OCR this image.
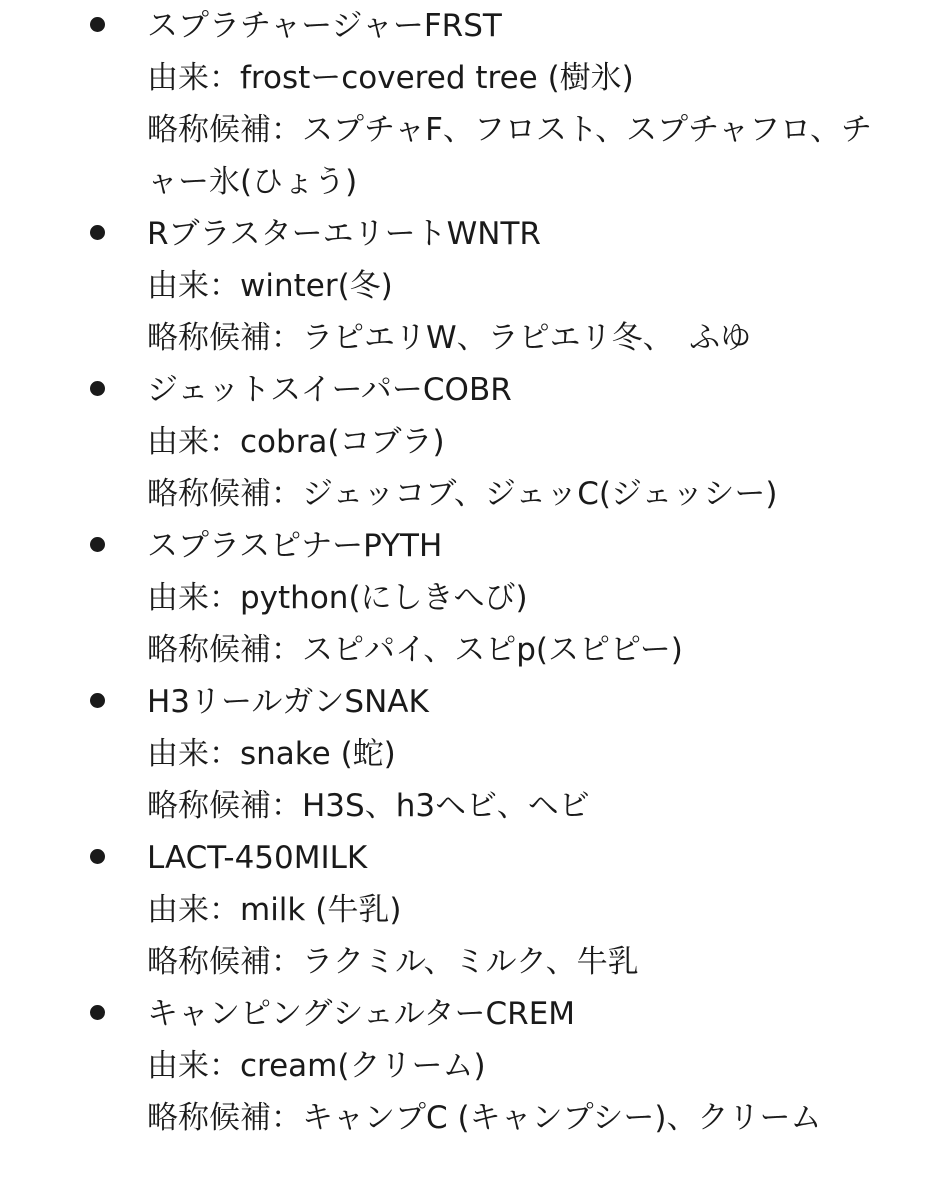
スプラチャージャーFRST
由来：frostーcovered tree (樹氷)
略称候補：スプチャF、フロスト、スプチャフロ、チャー氷(ひょう)
RブラスターエリートWNTR
由来：winter(冬)
略称候補：ラピエリW、ラピエリ冬、　ふゆ
ジェットスイーパーCOBR
由来：cobra(コブラ)
略称候補：ジェッコブ、ジェッC(ジェッシー)
スプラスピナーPYTH
由来：python(にしきへび)
略称候補：スピパイ、スピp(スピピー)
H3リールガンSNAK
由来：snake (蛇)
略称候補：H3S、h3ヘビ、ヘビ
LACT-450MILK
由来：milk (牛乳)
略称候補：ラクミル、ミルク、牛乳
キャンピングシェルターCREM
由来：cream(クリーム)
略称候補：キャンプC (キャンプシー)、クリーム
